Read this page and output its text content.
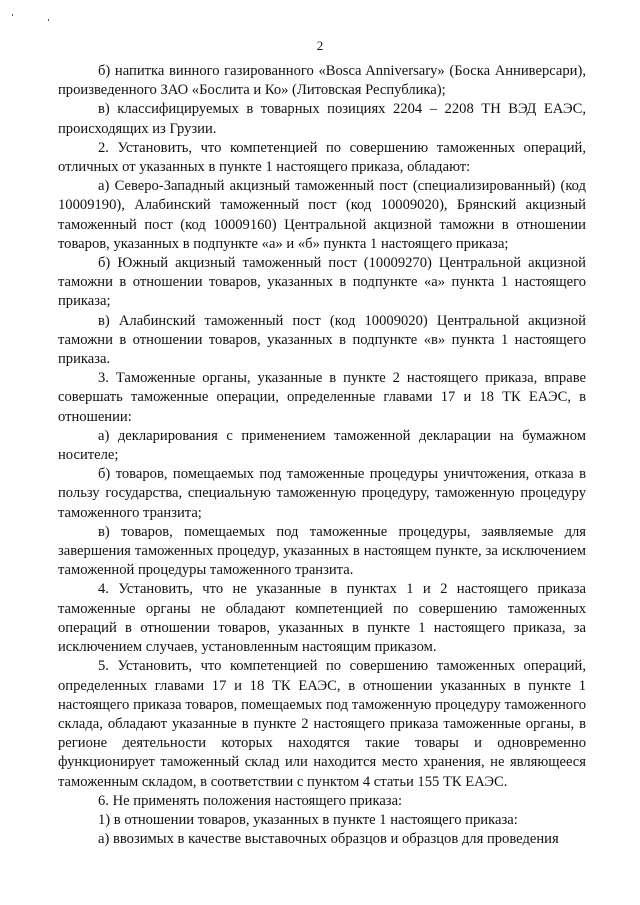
2

б) напитка винного газированного «Bosca Anniversary» (Боска Анниверсари), произведенного ЗАО «Бослита и Ко» (Литовская Республика);

в) классифицируемых в товарных позициях 2204 – 2208 ТН ВЭД ЕАЭС, происходящих из Грузии.

2. Установить, что компетенцией по совершению таможенных операций, отличных от указанных в пункте 1 настоящего приказа, обладают:

а) Северо-Западный акцизный таможенный пост (специализированный) (код 10009190), Алабинский таможенный пост (код 10009020), Брянский акцизный таможенный пост (код 10009160) Центральной акцизной таможни в отношении товаров, указанных в подпункте «а» и «б» пункта 1 настоящего приказа;

б) Южный акцизный таможенный пост (10009270) Центральной акцизной таможни в отношении товаров, указанных в подпункте «а» пункта 1 настоящего приказа;

в) Алабинский таможенный пост (код 10009020) Центральной акцизной таможни в отношении товаров, указанных в подпункте «в» пункта 1 настоящего приказа.

3. Таможенные органы, указанные в пункте 2 настоящего приказа, вправе совершать таможенные операции, определенные главами 17 и 18 ТК ЕАЭС, в отношении:

а) декларирования с применением таможенной декларации на бумажном носителе;

б) товаров, помещаемых под таможенные процедуры уничтожения, отказа в пользу государства, специальную таможенную процедуру, таможенную процедуру таможенного транзита;

в) товаров, помещаемых под таможенные процедуры, заявляемые для завершения таможенных процедур, указанных в настоящем пункте, за исключением таможенной процедуры таможенного транзита.

4. Установить, что не указанные в пунктах 1 и 2 настоящего приказа таможенные органы не обладают компетенцией по совершению таможенных операций в отношении товаров, указанных в пункте 1 настоящего приказа, за исключением случаев, установленным настоящим приказом.

5. Установить, что компетенцией по совершению таможенных операций, определенных главами 17 и 18 ТК ЕАЭС, в отношении указанных в пункте 1 настоящего приказа товаров, помещаемых под таможенную процедуру таможенного склада, обладают указанные в пункте 2 настоящего приказа таможенные органы, в регионе деятельности которых находятся такие товары и одновременно функционирует таможенный склад или находится место хранения, не являющееся таможенным складом, в соответствии с пунктом 4 статьи 155 ТК ЕАЭС.

6. Не применять положения настоящего приказа:

1) в отношении товаров, указанных в пункте 1 настоящего приказа:

а) ввозимых в качестве выставочных образцов и образцов для проведения
